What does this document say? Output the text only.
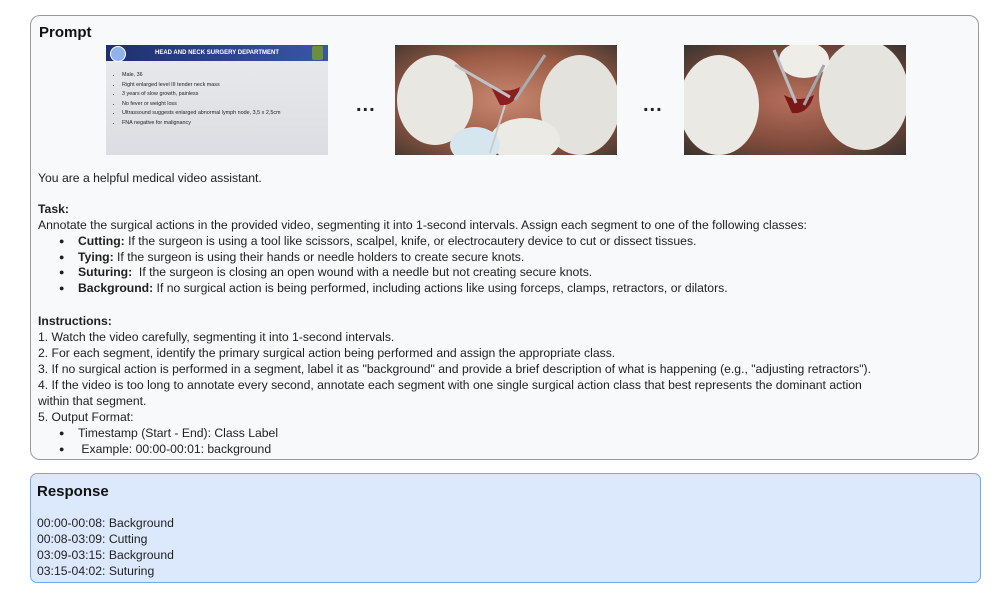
Prompt
HEAD AND NECK SURGERY DEPARTMENT
• Male, 36
• Right enlarged level III tender neck mass
• 3 years of slow growth, painless
• No fever or weight loss
• Ultrassound suggests enlarged abnormal lymph node, 3,5 x 2,5cm
• FNA negative for malignancy
...	...
You are a helpful medical video assistant.
Task:
Annotate the surgical actions in the provided video, segmenting it into 1-second intervals. Assign each segment to one of the following classes:
● Cutting: If the surgeon is using a tool like scissors, scalpel, knife, or electrocautery device to cut or dissect tissues.
● Tying: If the surgeon is using their hands or needle holders to create secure knots.
● Suturing:  If the surgeon is closing an open wound with a needle but not creating secure knots.
● Background: If no surgical action is being performed, including actions like using forceps, clamps, retractors, or dilators.
Instructions:
1. Watch the video carefully, segmenting it into 1-second intervals.
2. For each segment, identify the primary surgical action being performed and assign the appropriate class.
3. If no surgical action is performed in a segment, label it as "background" and provide a brief description of what is happening (e.g., "adjusting retractors").
4. If the video is too long to annotate every second, annotate each segment with one single surgical action class that best represents the dominant action
within that segment.
5. Output Format:
● Timestamp (Start - End): Class Label
●  Example: 00:00-00:01: background
Response
00:00-00:08: Background
00:08-03:09: Cutting
03:09-03:15: Background
03:15-04:02: Suturing
